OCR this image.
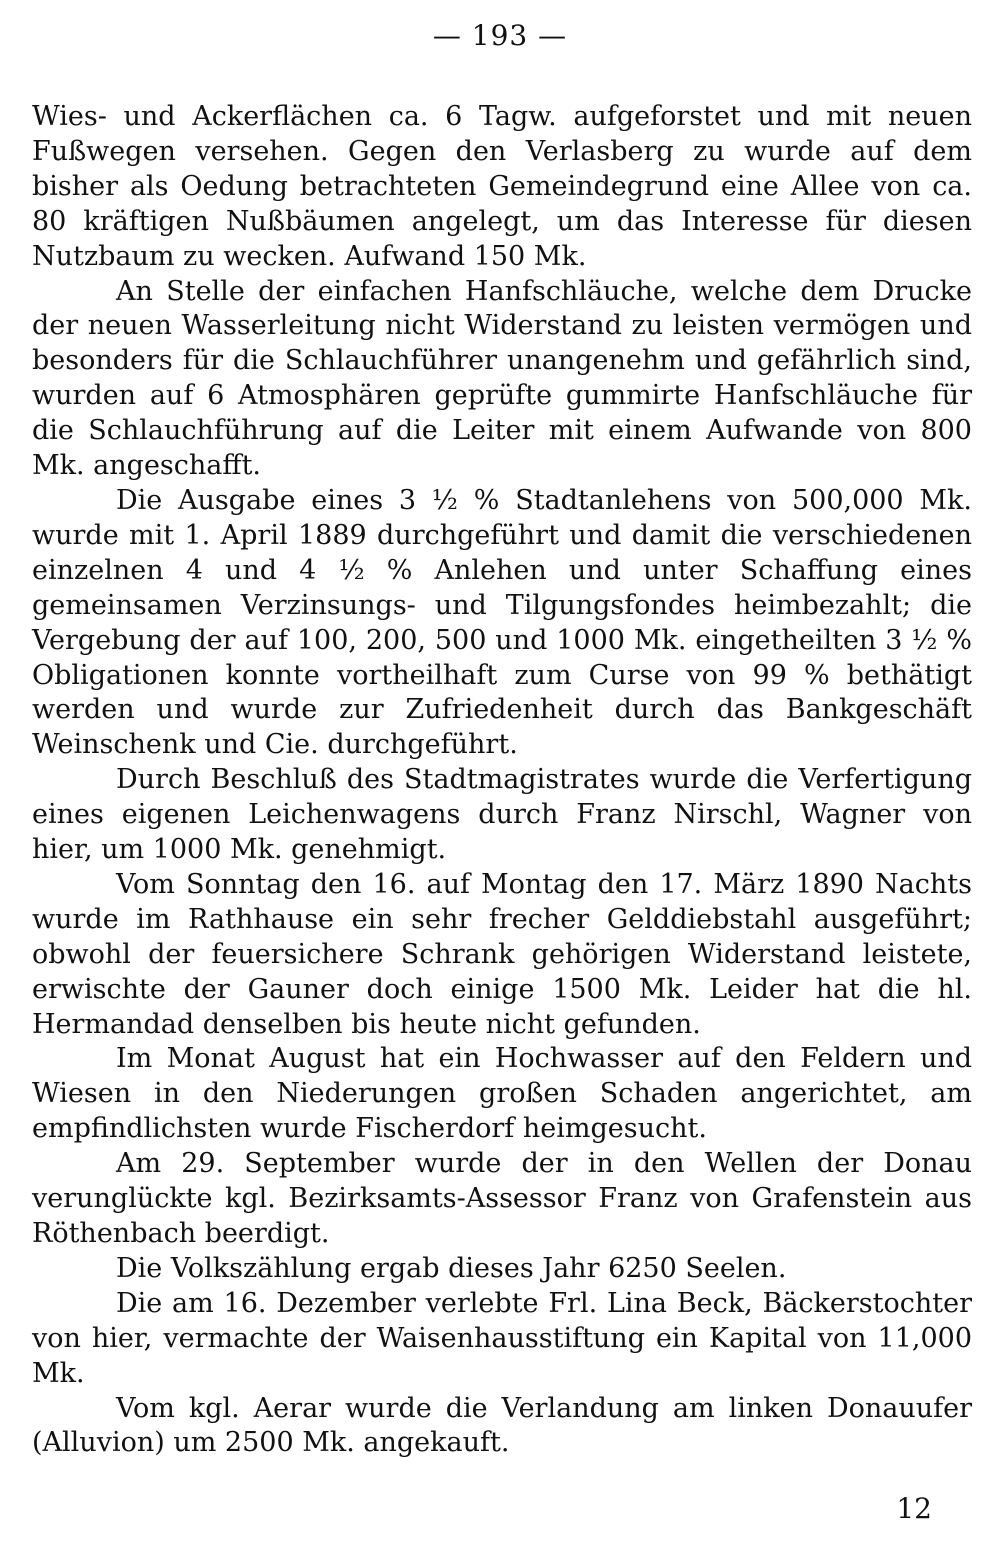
— 193 —

Wies- und Ackerflächen ca. 6 Tagw. aufgeforstet und mit neuen Fußwegen versehen. Gegen den Verlasberg zu wurde auf dem bisher als Oedung betrachteten Gemeindegrund eine Allee von ca. 80 kräftigen Nußbäumen angelegt, um das Interesse für diesen Nutzbaum zu wecken. Aufwand 150 Mk.

An Stelle der einfachen Hanfschläuche, welche dem Drucke der neuen Wasserleitung nicht Widerstand zu leisten vermögen und besonders für die Schlauchführer unangenehm und gefährlich sind, wurden auf 6 Atmosphären geprüfte gummirte Hanfschläuche für die Schlauchführung auf die Leiter mit einem Aufwande von 800 Mk. angeschafft.

Die Ausgabe eines 3 ½ % Stadtanlehens von 500,000 Mk. wurde mit 1. April 1889 durchgeführt und damit die verschiedenen einzelnen 4 und 4 ½ % Anlehen und unter Schaffung eines gemeinsamen Verzinsungs- und Tilgungsfondes heimbezahlt; die Vergebung der auf 100, 200, 500 und 1000 Mk. eingetheilten 3 ½ % Obligationen konnte vortheilhaft zum Curse von 99 % bethätigt werden und wurde zur Zufriedenheit durch das Bankgeschäft Weinschenk und Cie. durchgeführt.

Durch Beschluß des Stadtmagistrates wurde die Verfertigung eines eigenen Leichenwagens durch Franz Nirschl, Wagner von hier, um 1000 Mk. genehmigt.

Vom Sonntag den 16. auf Montag den 17. März 1890 Nachts wurde im Rathhause ein sehr frecher Gelddiebstahl ausgeführt; obwohl der feuersichere Schrank gehörigen Widerstand leistete, erwischte der Gauner doch einige 1500 Mk. Leider hat die hl. Hermandad denselben bis heute nicht gefunden.

Im Monat August hat ein Hochwasser auf den Feldern und Wiesen in den Niederungen großen Schaden angerichtet, am empfindlichsten wurde Fischerdorf heimgesucht.

Am 29. September wurde der in den Wellen der Donau verunglückte kgl. Bezirksamts-Assessor Franz von Grafenstein aus Röthenbach beerdigt.

Die Volkszählung ergab dieses Jahr 6250 Seelen.

Die am 16. Dezember verlebte Frl. Lina Beck, Bäckerstochter von hier, vermachte der Waisenhausstiftung ein Kapital von 11,000 Mk.

Vom kgl. Aerar wurde die Verlandung am linken Donauufer (Alluvion) um 2500 Mk. angekauft.

12
